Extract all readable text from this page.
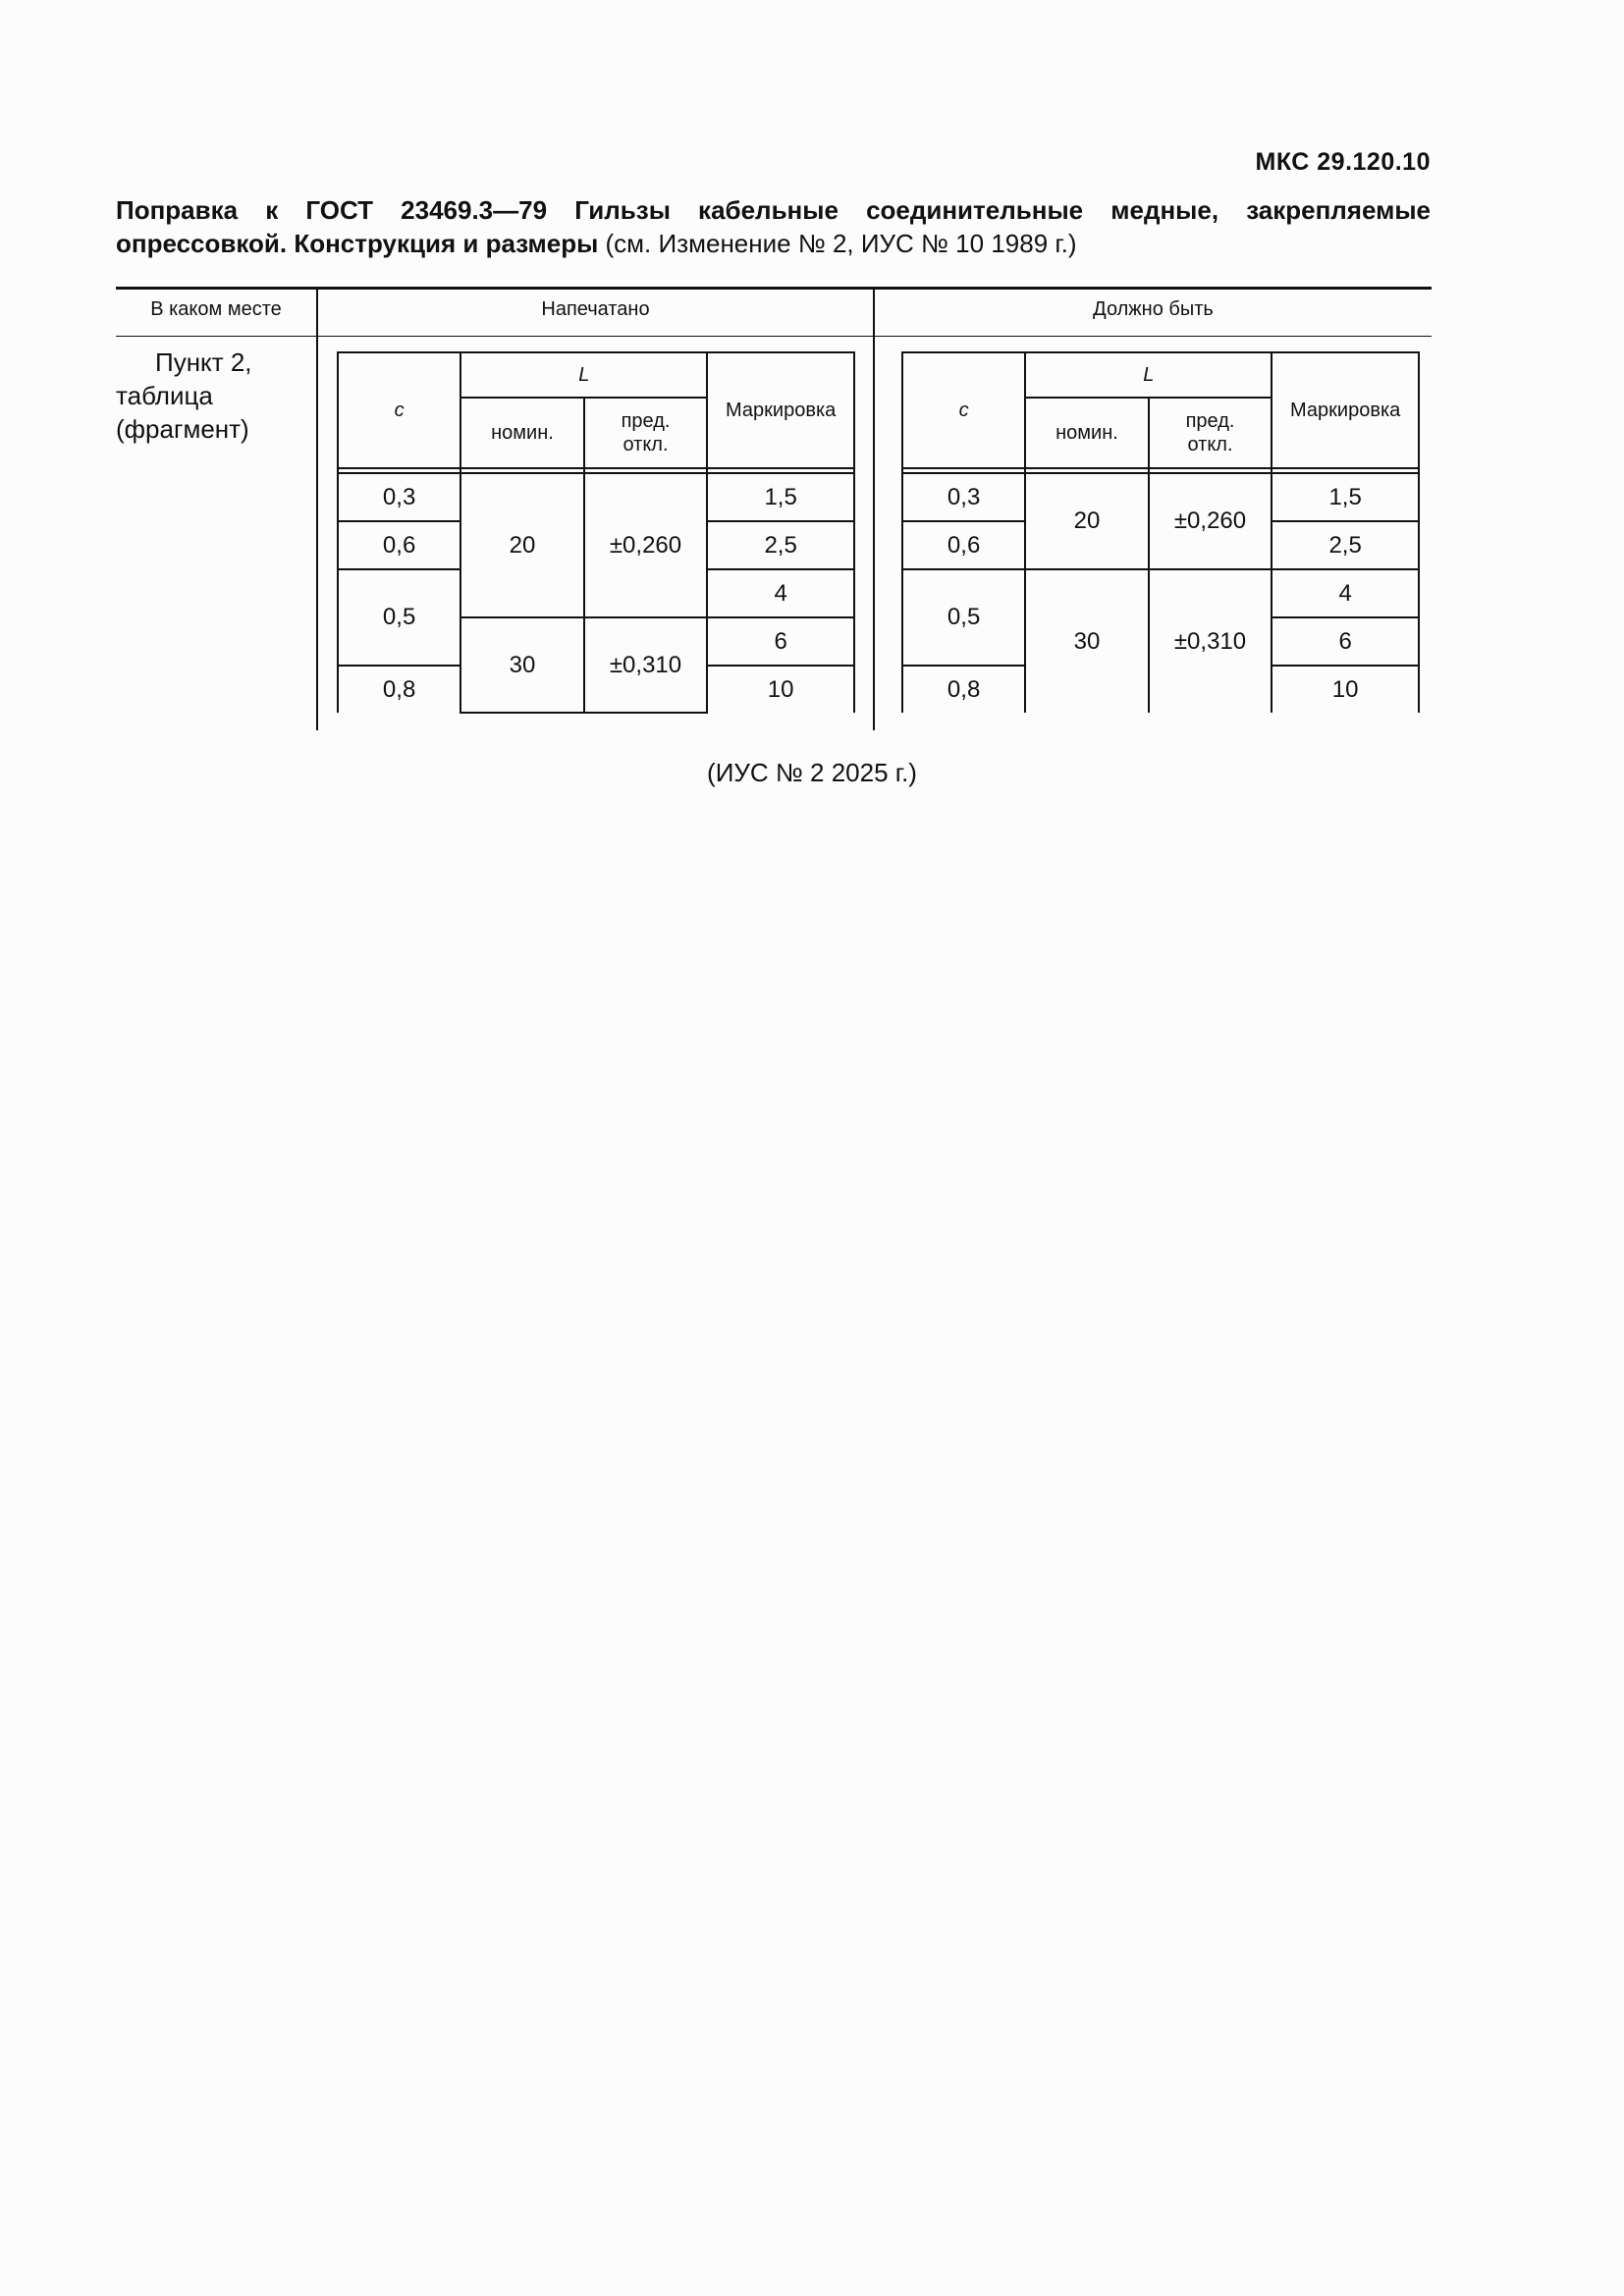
МКС 29.120.10
Поправка к ГОСТ 23469.3—79 Гильзы кабельные соединительные медные, закрепляемые опрессовкой. Конструкция и размеры (см. Изменение № 2, ИУС № 10 1989 г.)
В каком месте	Напечатано	Должно быть
Пункт 2,
таблица
(фрагмент)
c	L		Маркировка
	номин.	пред.
откл.	

0,3	20	±0,260	1,5
0,6			2,5
0,5			4
	30	±0,310	6
0,8			10
c	L		Маркировка
	номин.	пред.
откл.	

0,3	20	±0,260	1,5
0,6			2,5
0,5	30	±0,310	4
			6
0,8			10
(ИУС № 2 2025 г.)
